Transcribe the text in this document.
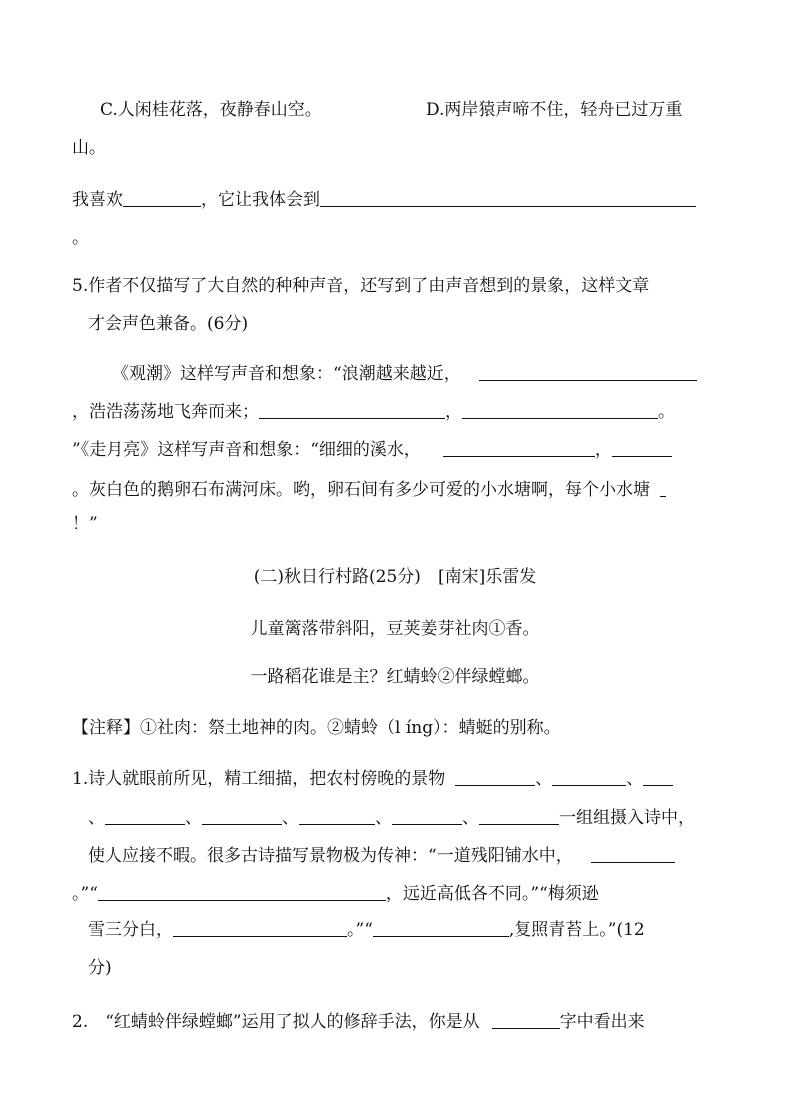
C.人闲桂花落，夜静春山空。	D.两岸猿声啼不住，轻舟已过万重
山。
我喜欢	，它让我体会到
。
5.作者不仅描写了大自然的种种声音，还写到了由声音想到的景象，这样文章
才会声色兼备。(6分)
《观潮》这样写声音和想象：“浪潮越来越近，
，浩浩荡荡地飞奔而来；	，	。
”《走月亮》这样写声音和想象：“细细的溪水，	，
。灰白色的鹅卵石布满河床。哟，卵石间有多少可爱的小水塘啊，每个小水塘
！”
(二)秋日行村路(25分)　[南宋]乐雷发
儿童篱落带斜阳，豆荚姜芽社肉①香。
一路稻花谁是主？红蜻蛉②伴绿螳螂。
【注释】①社肉：祭土地神的肉。②蜻蛉（l íng）：蜻蜓的别称。
1.诗人就眼前所见，精工细描，把农村傍晚的景物	、	、
、	、	、	、	、	一组组摄入诗中，
使人应接不暇。很多古诗描写景物极为传神：“一道残阳铺水中，
。”“	，远近高低各不同。”“梅须逊
雪三分白，	。”“	,复照青苔上。”(12
分)
2.　“红蜻蛉伴绿螳螂”运用了拟人的修辞手法，你是从	字中看出来
